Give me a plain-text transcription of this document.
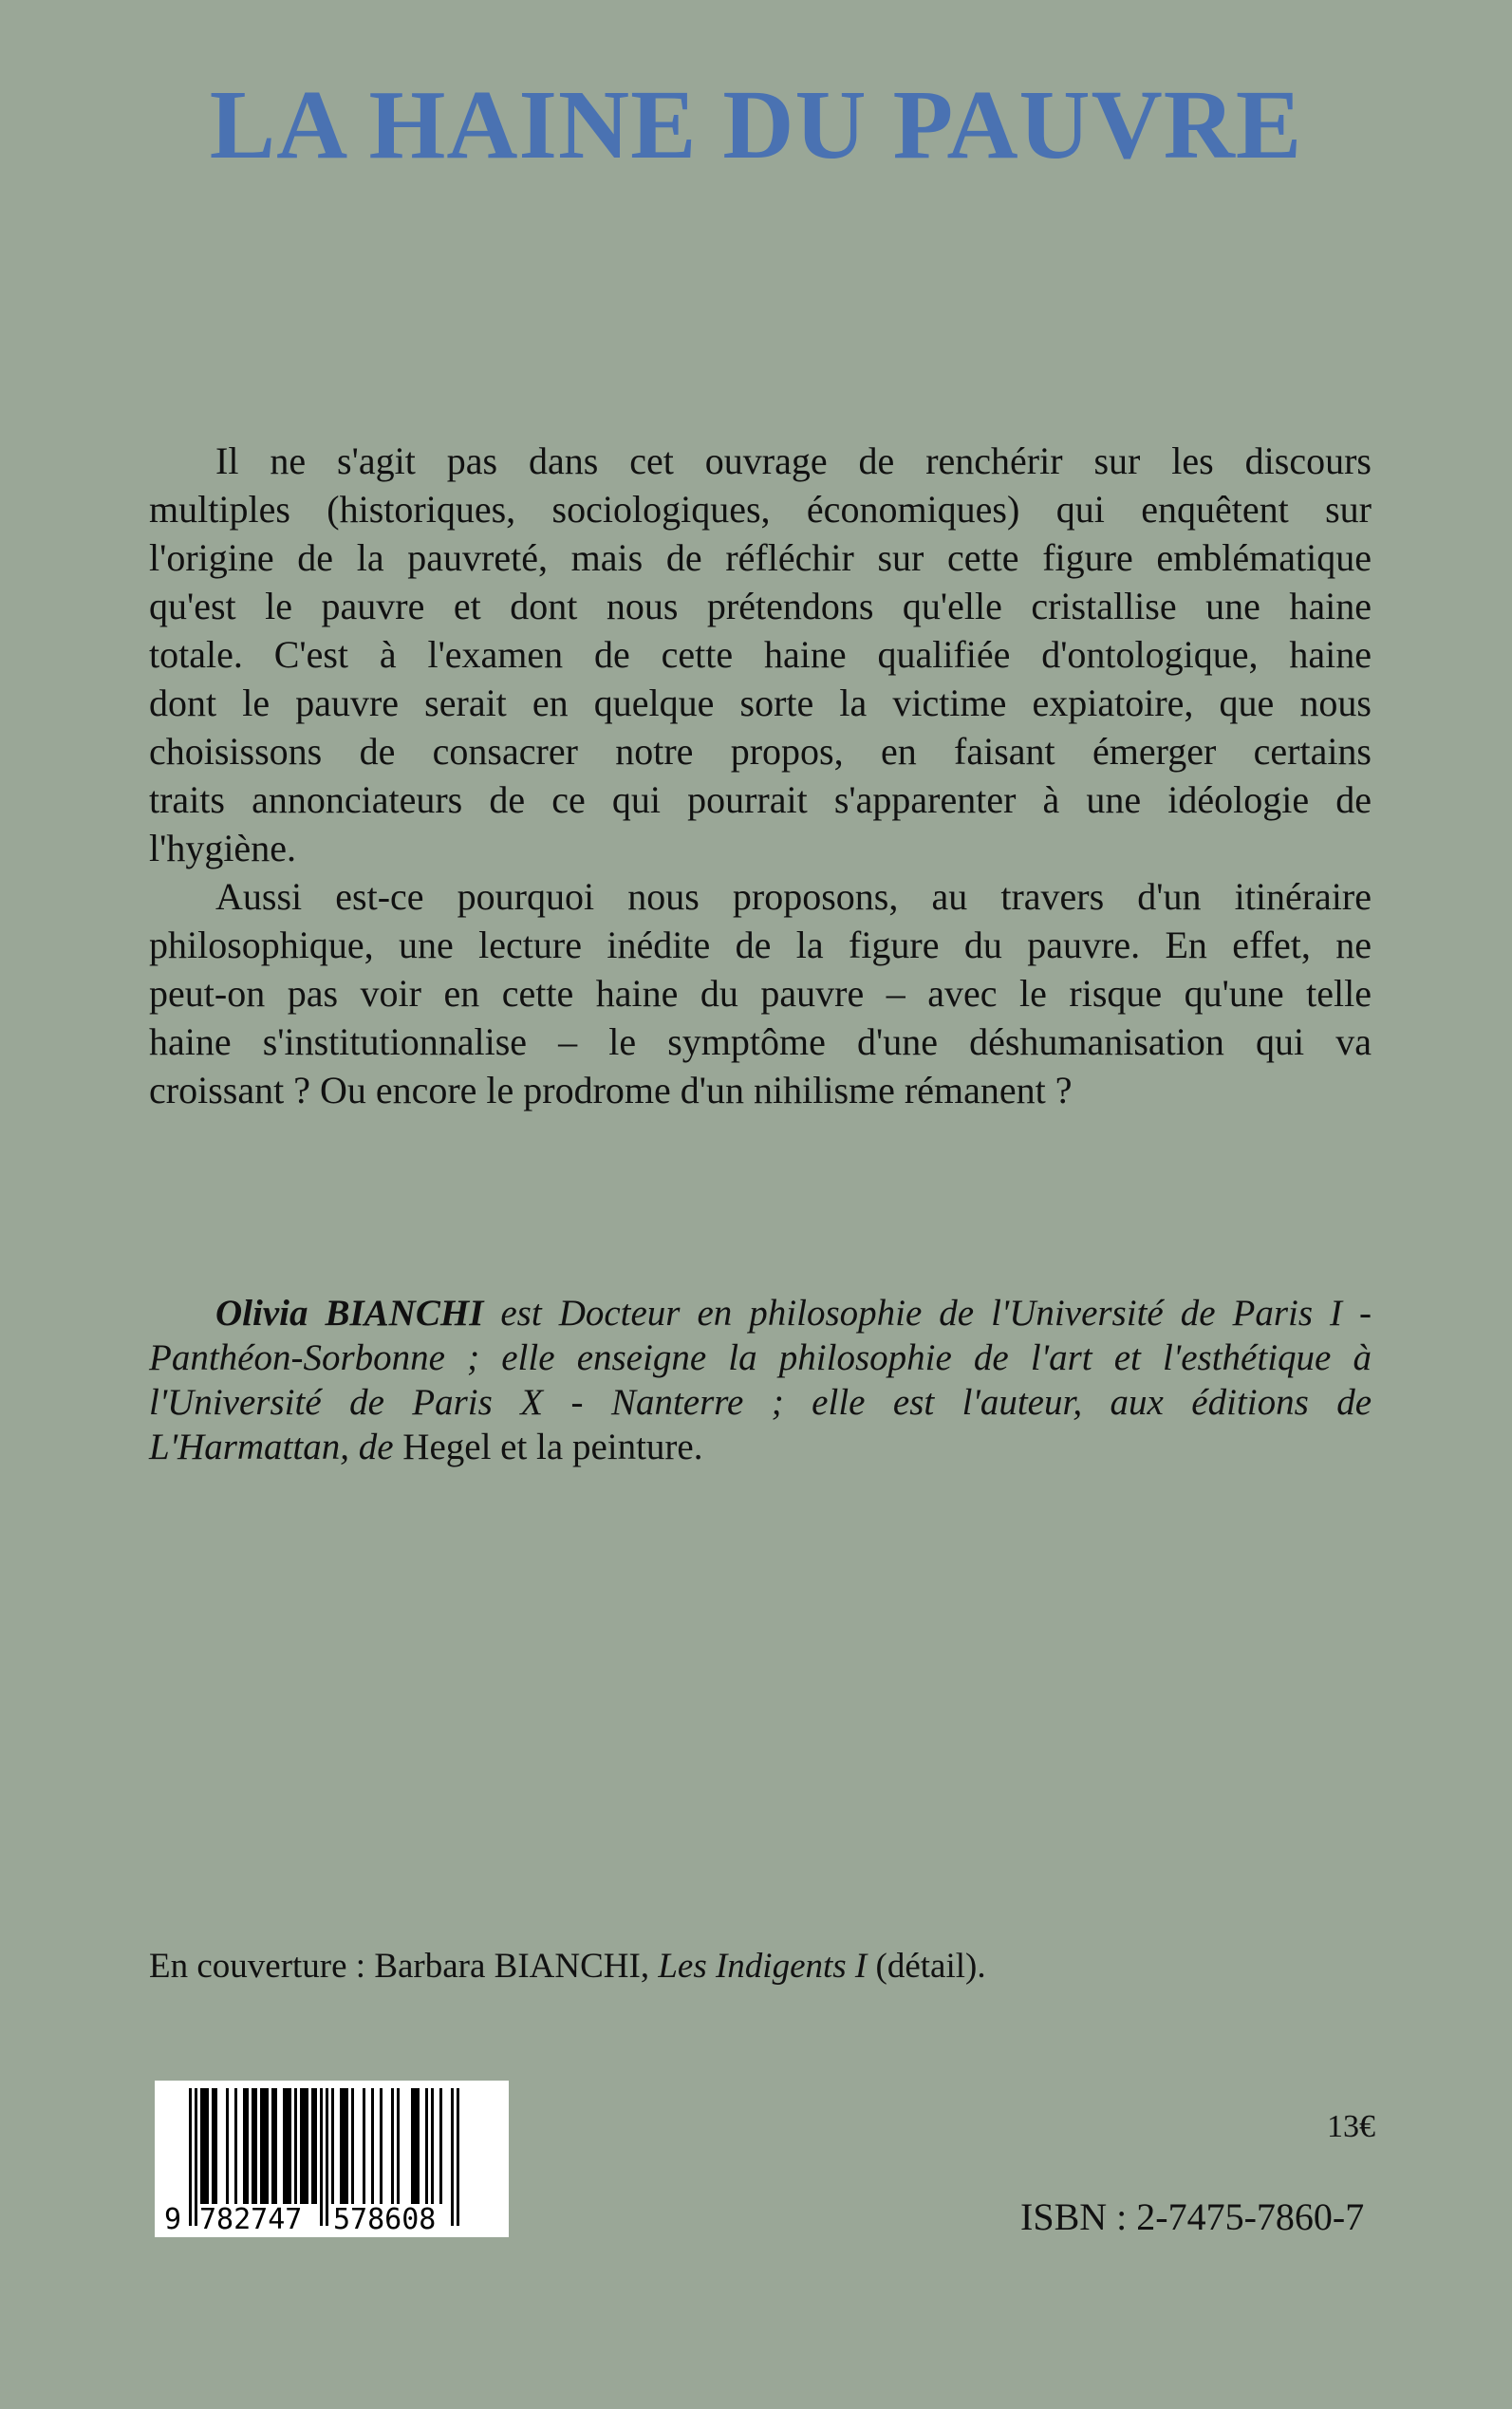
LA HAINE DU PAUVRE
Il ne s'agit pas dans cet ouvrage de renchérir sur les discours
multiples (historiques, sociologiques, économiques) qui enquêtent sur
l'origine de la pauvreté, mais de réfléchir sur cette figure emblématique
qu'est le pauvre et dont nous prétendons qu'elle cristallise une haine
totale. C'est à l'examen de cette haine qualifiée d'ontologique, haine
dont le pauvre serait en quelque sorte la victime expiatoire, que nous
choisissons de consacrer notre propos, en faisant émerger certains
traits annonciateurs de ce qui pourrait s'apparenter à une idéologie de
l'hygiène.
Aussi est-ce pourquoi nous proposons, au travers d'un itinéraire
philosophique, une lecture inédite de la figure du pauvre. En effet, ne
peut-on pas voir en cette haine du pauvre – avec le risque qu'une telle
haine s'institutionnalise – le symptôme d'une déshumanisation qui va
croissant ? Ou encore le prodrome d'un nihilisme rémanent ?
Olivia BIANCHI est Docteur en philosophie de l'Université de Paris I -
Panthéon-Sorbonne ; elle enseigne la philosophie de l'art et l'esthétique à
l'Université de Paris X - Nanterre ; elle est l'auteur, aux éditions de
L'Harmattan, de Hegel et la peinture.
En couverture : Barbara BIANCHI, Les Indigents I (détail).
9 782747 578608
13€
ISBN : 2-7475-7860-7
